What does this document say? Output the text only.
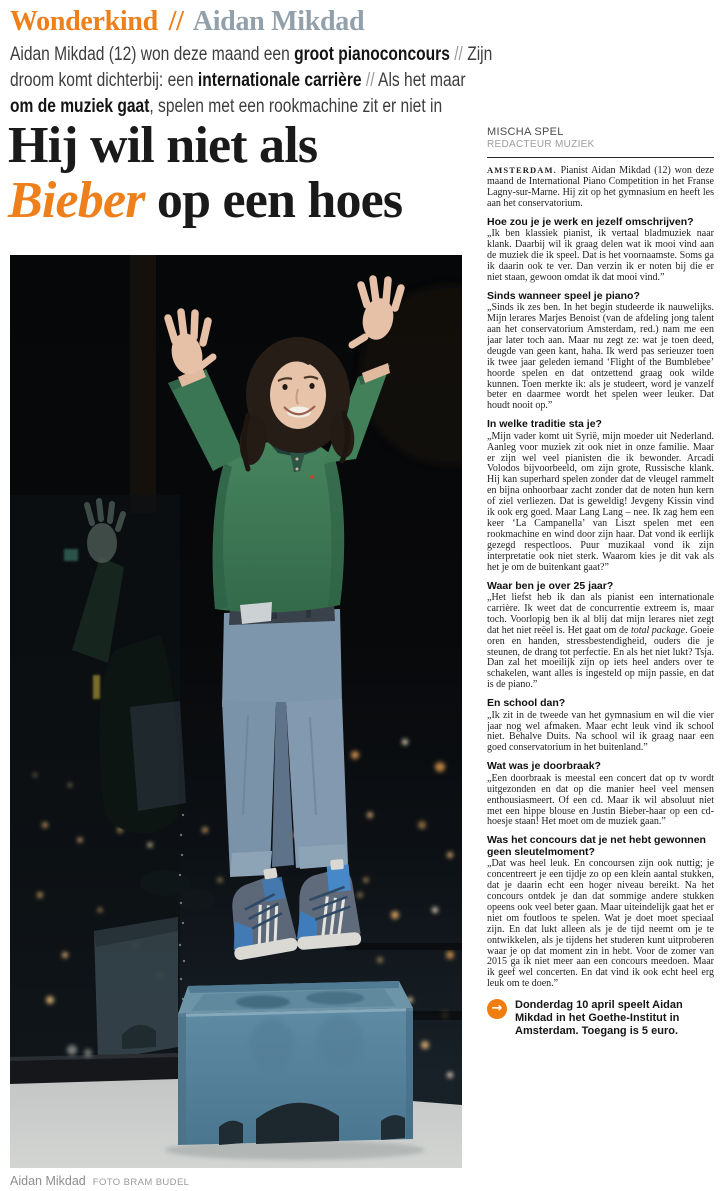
Wonderkind // Aidan Mikdad
Aidan Mikdad (12) won deze maand een groot pianoconcours // Zijn
droom komt dichterbij: een internationale carrière // Als het maar
om de muziek gaat, spelen met een rookmachine zit er niet in
Hij wil niet als
Bieber op een hoes
Aidan Mikdad FOTO BRAM BUDEL
MISCHA SPEL
REDACTEUR MUZIEK

AMSTERDAM. Pianist Aidan Mikdad (12) won deze maand de International Piano Competition in het Franse Lagny-sur-Marne. Hij zit op het gymnasium en heeft les aan het conservatorium.

Hoe zou je je werk en jezelf omschrijven?

„Ik ben klassiek pianist, ik vertaal bladmuziek naar klank. Daarbij wil ik graag delen wat ik mooi vind aan de muziek die ik speel. Dat is het voornaamste. Soms ga ik daarin ook te ver. Dan verzin ik er noten bij die er niet staan, gewoon omdat ik dat mooi vind.”

Sinds wanneer speel je piano?

„Sinds ik zes ben. In het begin studeerde ik nauwelijks. Mijn lerares Marjes Benoist (van de afdeling jong talent aan het conservatorium Amsterdam, red.) nam me een jaar later toch aan. Maar nu zegt ze: wat je toen deed, deugde van geen kant, haha. Ik werd pas serieuzer toen ik twee jaar geleden iemand ‘Flight of the Bumblebee’ hoorde spelen en dat ontzettend graag ook wilde kunnen. Toen merkte ik: als je studeert, word je vanzelf beter en daarmee wordt het spelen weer leuker. Dat houdt nooit op.”

In welke traditie sta je?

„Mijn vader komt uit Syrië, mijn moeder uit Nederland. Aanleg voor muziek zit ook niet in onze familie. Maar er zijn wel veel pianisten die ik bewonder. Arcadi Volodos bijvoorbeeld, om zijn grote, Russische klank. Hij kan superhard spelen zonder dat de vleugel rammelt en bijna onhoorbaar zacht zonder dat de noten hun kern of ziel verliezen. Dat is geweldig! Jevgeny Kissin vind ik ook erg goed. Maar Lang Lang – nee. Ik zag hem een keer ‘La Campanella’ van Liszt spelen met een rookmachine en wind door zijn haar. Dat vond ik eerlijk gezegd respectloos. Puur muzikaal vond ik zijn interpretatie ook niet sterk. Waarom kies je dit vak als het je om de buitenkant gaat?”

Waar ben je over 25 jaar?

„Het liefst heb ik dan als pianist een internationale carrière. Ik weet dat de concurrentie extreem is, maar toch. Voorlopig ben ik al blij dat mijn lerares niet zegt dat het niet reëel is. Het gaat om de total package. Goeie oren en handen, stressbestendigheid, ouders die je steunen, de drang tot perfectie. En als het niet lukt? Tsja. Dan zal het moeilijk zijn op iets heel anders over te schakelen, want alles is ingesteld op mijn passie, en dat is de piano.”

En school dan?

„Ik zit in de tweede van het gymnasium en wil die vier jaar nog wel afmaken. Maar echt leuk vind ik school niet. Behalve Duits. Na school wil ik graag naar een goed conservatorium in het buitenland.”

Wat was je doorbraak?

„Een doorbraak is meestal een concert dat op tv wordt uitgezonden en dat op die manier heel veel mensen enthousiasmeert. Of een cd. Maar ik wil absoluut niet met een hippe blouse en Justin Bieber-haar op een cd-hoesje staan! Het moet om de muziek gaan.”

Was het concours dat je net hebt gewonnen geen sleutelmoment?

„Dat was heel leuk. En concoursen zijn ook nuttig; je concentreert je een tijdje zo op een klein aantal stukken, dat je daarin echt een hoger niveau bereikt. Na het concours ontdek je dan dat sommige andere stukken opeens ook veel beter gaan. Maar uiteindelijk gaat het er niet om foutloos te spelen. Wat je doet moet speciaal zijn. En dat lukt alleen als je de tijd neemt om je te ontwikkelen, als je tijdens het studeren kunt uitproberen waar je op dat moment zin in hebt. Voor de zomer van 2015 ga ik niet meer aan een concours meedoen. Maar ik geef wel concerten. En dat vind ik ook echt heel erg leuk om te doen.”

→	Donderdag 10 april speelt Aidan Mikdad in het Goethe-Institut in Amsterdam. Toegang is 5 euro.
